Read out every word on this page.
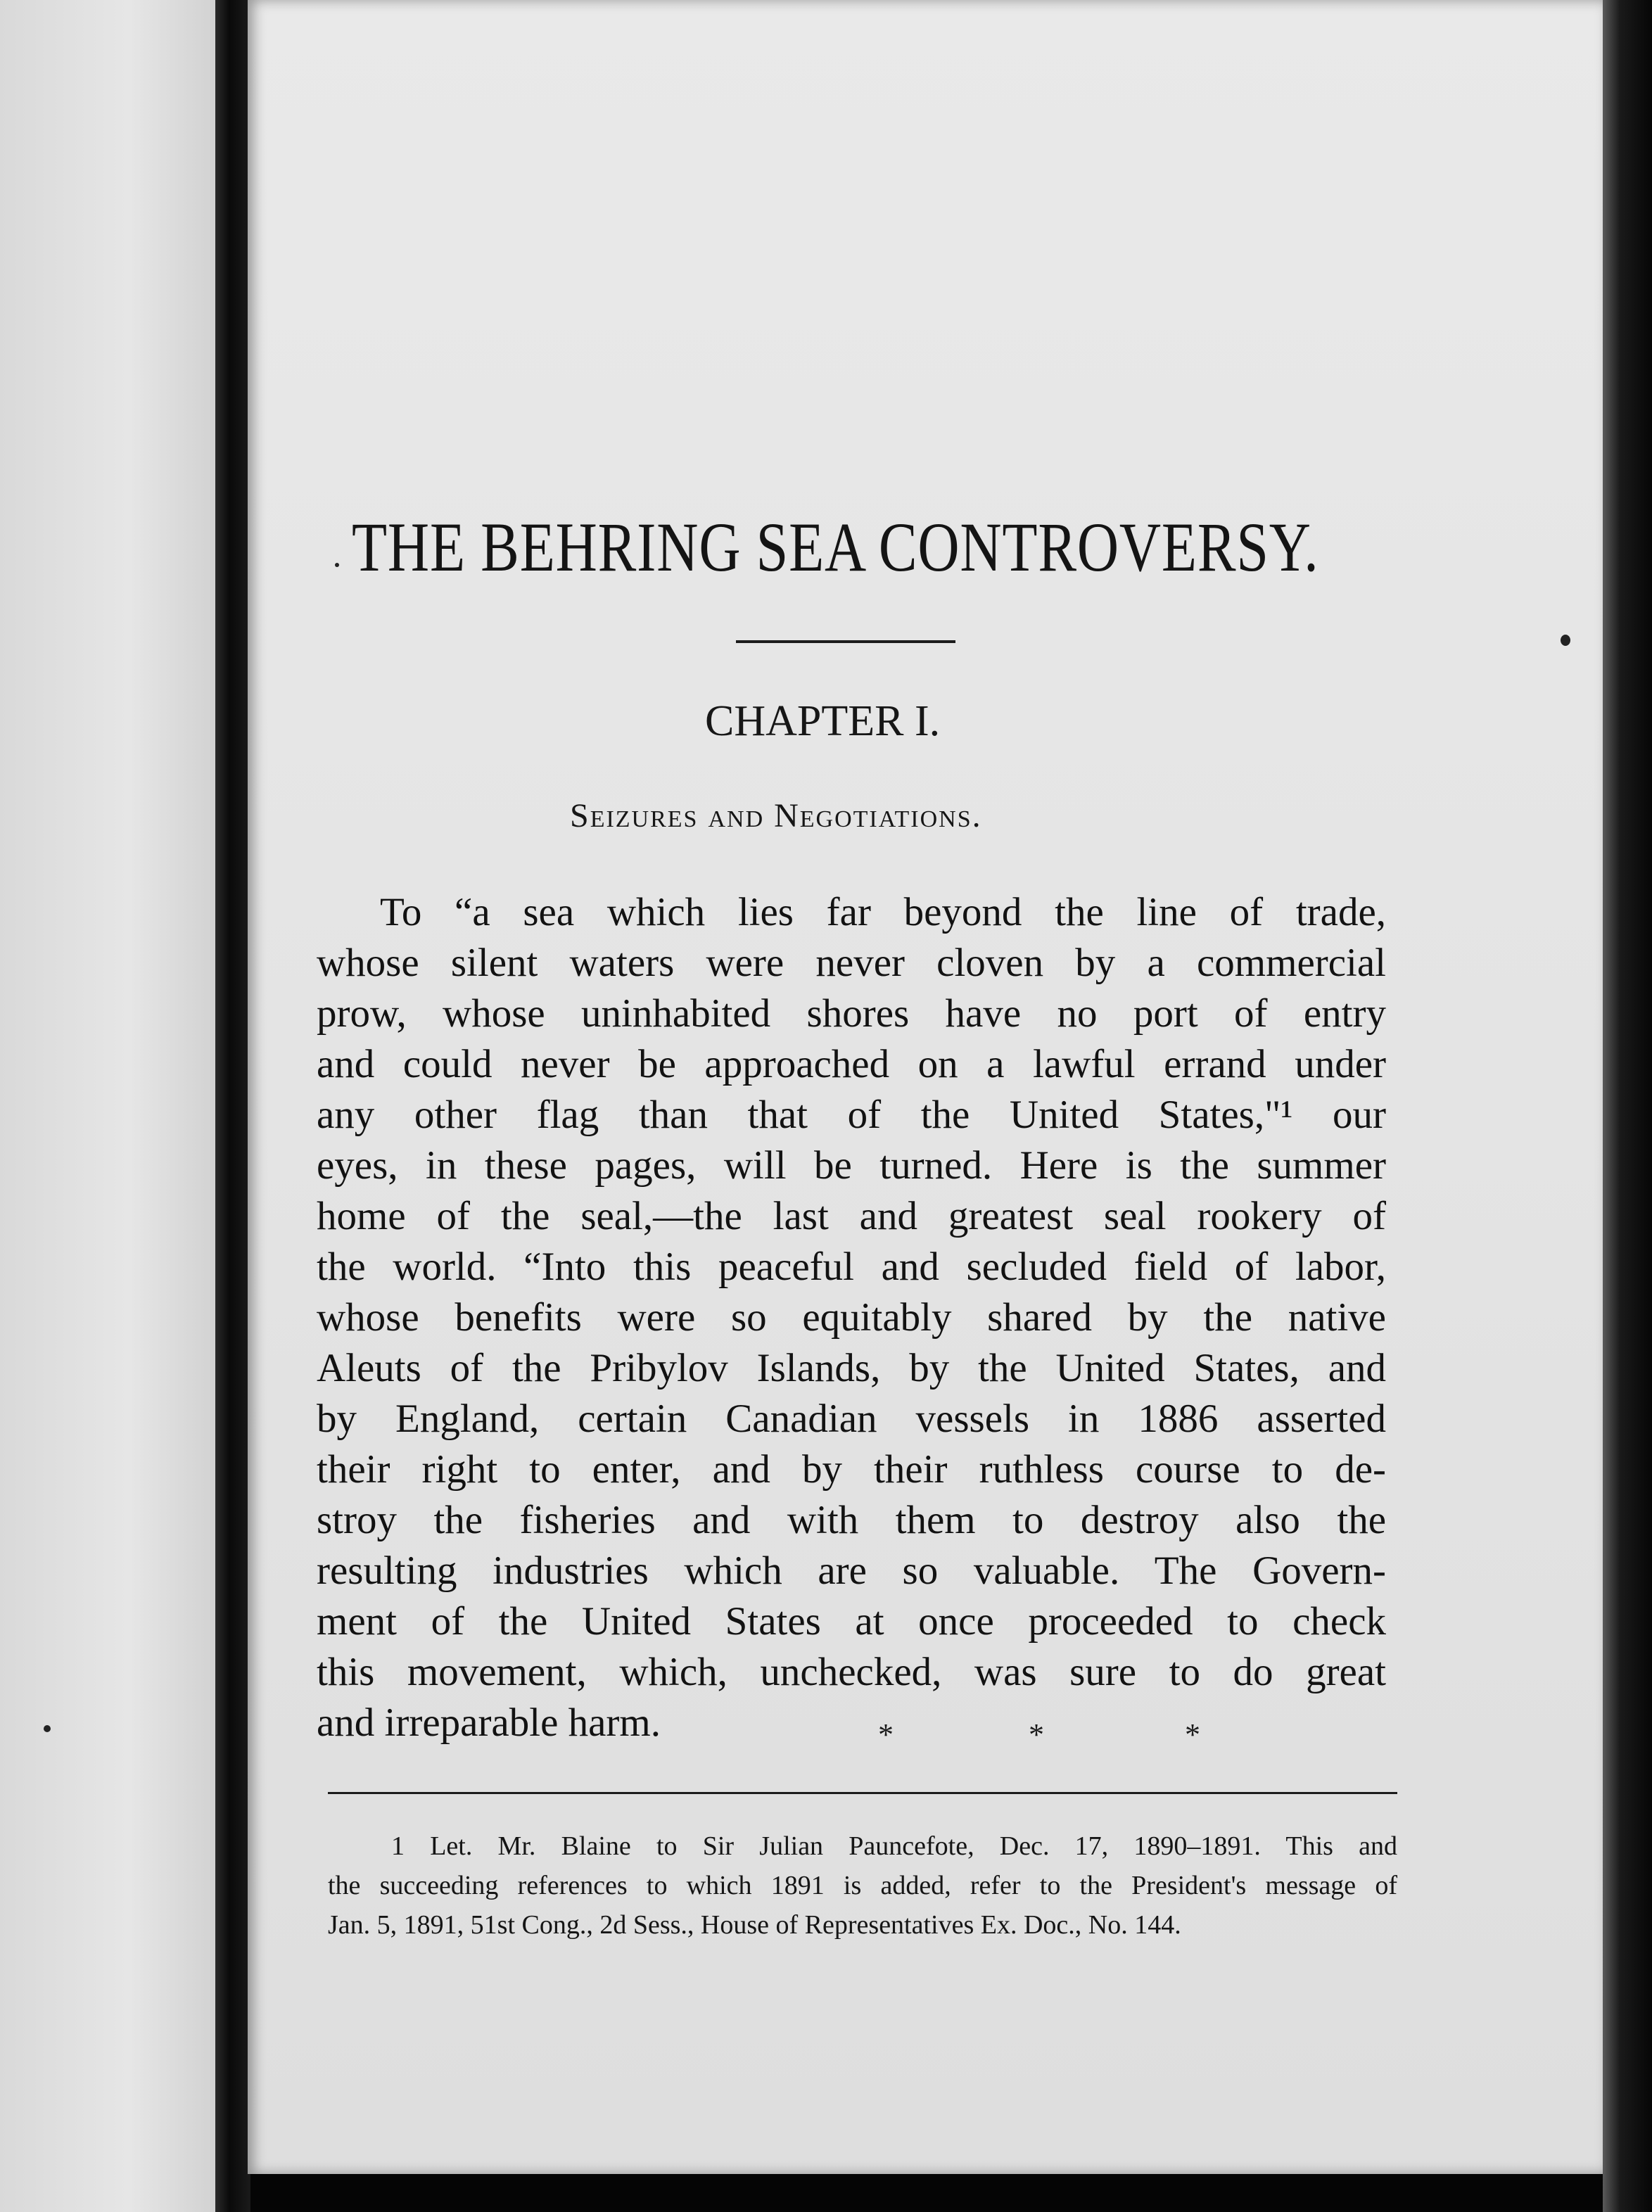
THE BEHRING SEA CONTROVERSY.
CHAPTER I.
Seizures and Negotiations.
To “a sea which lies far beyond the line of trade,
whose silent waters were never cloven by a commercial
prow, whose uninhabited shores have no port of entry
and could never be approached on a lawful errand under
any other flag than that of the United States,"¹ our
eyes, in these pages, will be turned. Here is the summer
home of the seal,—the last and greatest seal rookery of
the world. “Into this peaceful and secluded field of labor,
whose benefits were so equitably shared by the native
Aleuts of the Pribylov Islands, by the United States, and
by England, certain Canadian vessels in 1886 asserted
their right to enter, and by their ruthless course to de-
stroy the fisheries and with them to destroy also the
resulting industries which are so valuable. The Govern-
ment of the United States at once proceeded to check
this movement, which, unchecked, was sure to do great
and irreparable harm.	*	*	*
1 Let. Mr. Blaine to Sir Julian Pauncefote, Dec. 17, 1890–1891. This and
the succeeding references to which 1891 is added, refer to the President's message of
Jan. 5, 1891, 51st Cong., 2d Sess., House of Representatives Ex. Doc., No. 144.
